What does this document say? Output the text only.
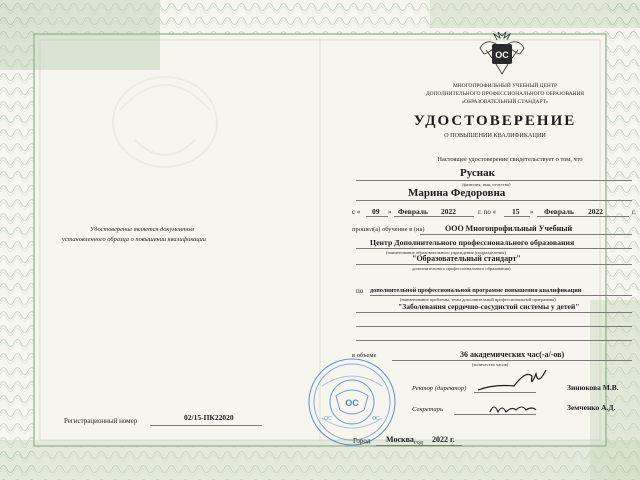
Удостоверение является документом
установленного образца о повышении квалификации
Регистрационный номер	02/15-ПК22020
ОС
МНОГОПРОФИЛЬНЫЙ УЧЕБНЫЙ ЦЕНТР
ДОПОЛНИТЕЛЬНОГО ПРОФЕССИОНАЛЬНОГО ОБРАЗОВАНИЯ
«ОБРАЗОВАТЕЛЬНЫЙ СТАНДАРТ»
УДОСТОВЕРЕНИЕ
О ПОВЫШЕНИИ КВАЛИФИКАЦИИ
Настоящее удостоверение свидетельствует о том, что
Руснак
(фамилия, имя, отчество)
Марина Федоровна
с « 09 » Февраль 2022	г. по « 15 » Февраль 2022	г.
прошел(а) обучение в (на)	ООО Многопрофильный Учебный
Центр Дополнительного профессионального образования
(наименование образовательного учреждения (подразделения)
"Образовательный стандарт"
дополнительного профессионального образования)
по дополнительной профессиональной программе повышения квалификации
(наименование проблемы, темы дополнительной профессиональной программы)
"Заболевания сердечно-сосудистой системы у детей"
в объеме	36 академических час(-а/-ов)
(количество часов)
ОС
ОС	ОС
Ректор (директор)	Зинюкова М.В.
Секретарь	Земченко А.Д.
Город Москва год 2022 г.
